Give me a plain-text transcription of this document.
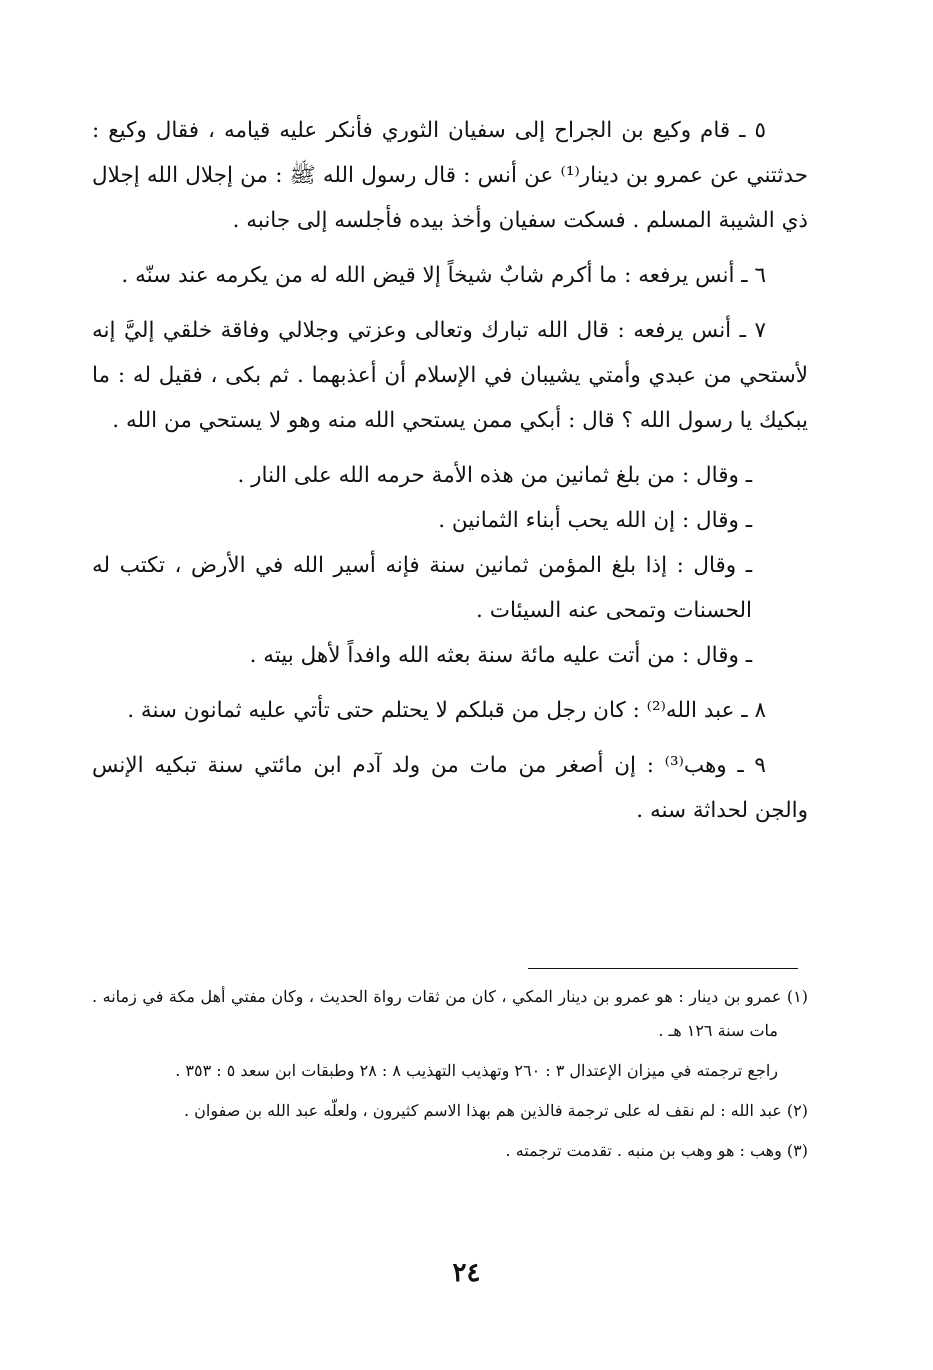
٥ ـ قام وكيع بن الجراح إلى سفيان الثوري فأنكر عليه قيامه ، فقال وكيع : حدثتني عن عمرو بن دينار⁽¹⁾ عن أنس : قال رسول الله ﷺ : من إجلال الله إجلال ذي الشيبة المسلم . فسكت سفيان وأخذ بيده فأجلسه إلى جانبه .

٦ ـ أنس يرفعه : ما أكرم شابٌ شيخاً إلا قيض الله له من يكرمه عند سنّه .

٧ ـ أنس يرفعه : قال الله تبارك وتعالى وعزتي وجلالي وفاقة خلقي إليَّ إنه لأستحي من عبدي وأمتي يشيبان في الإسلام أن أعذبهما . ثم بكى ، فقيل له : ما يبكيك يا رسول الله ؟ قال : أبكي ممن يستحي الله منه وهو لا يستحي من الله .

ـ وقال : من بلغ ثمانين من هذه الأمة حرمه الله على النار .

ـ وقال : إن الله يحب أبناء الثمانين .

ـ وقال : إذا بلغ المؤمن ثمانين سنة فإنه أسير الله في الأرض ، تكتب له الحسنات وتمحى عنه السيئات .

ـ وقال : من أتت عليه مائة سنة بعثه الله وافداً لأهل بيته .

٨ ـ عبد الله⁽²⁾ : كان رجل من قبلكم لا يحتلم حتى تأتي عليه ثمانون سنة .

٩ ـ وهب⁽³⁾ : إن أصغر من مات من ولد آدم ابن مائتي سنة تبكيه الإنس والجن لحداثة سنه .

(١) عمرو بن دينار : هو عمرو بن دينار المكي ، كان من ثقات رواة الحديث ، وكان مفتي أهل مكة في زمانه . مات سنة ١٢٦ هـ .

راجع ترجمته في ميزان الإعتدال ٣ : ٢٦٠ وتهذيب التهذيب ٨ : ٢٨ وطبقات ابن سعد ٥ : ٣٥٣ .

(٢) عبد الله : لم نقف له على ترجمة فالذين هم بهذا الاسم كثيرون ، ولعلّه عبد الله بن صفوان .

(٣) وهب : هو وهب بن منبه . تقدمت ترجمته .

٢٤
